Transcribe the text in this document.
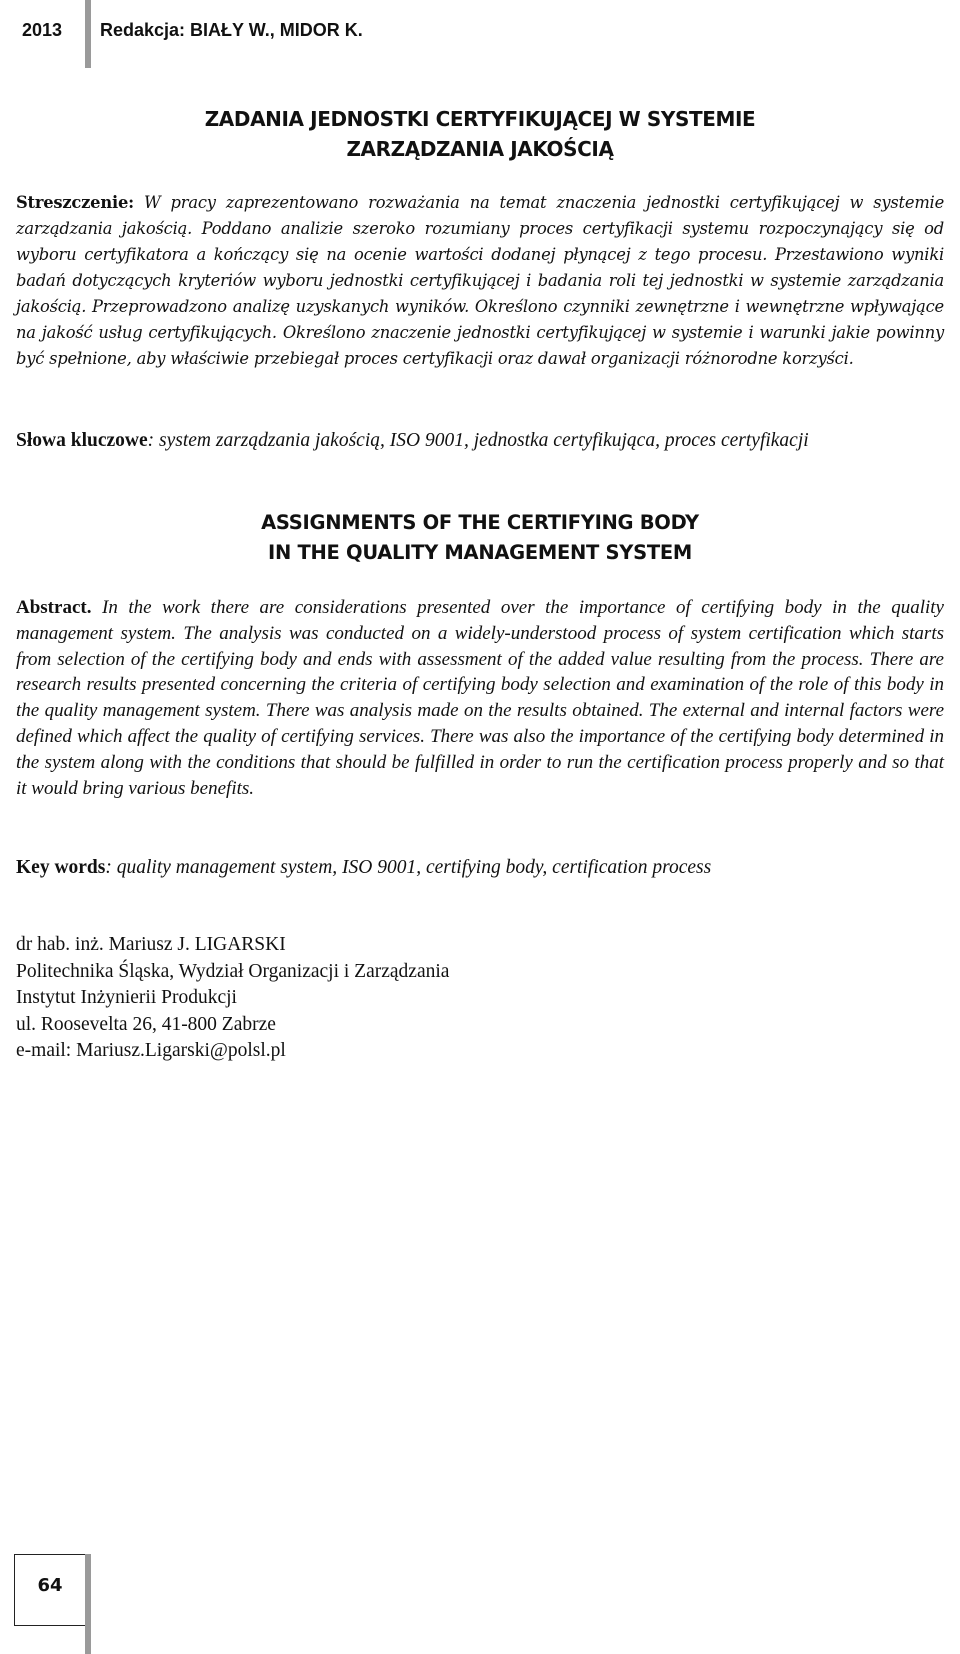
2013 Redakcja: BIAŁY W., MIDOR K.
ZADANIA JEDNOSTKI CERTYFIKUJĄCEJ W SYSTEMIE
ZARZĄDZANIA JAKOŚCIĄ
Streszczenie: W pracy zaprezentowano rozważania na temat znaczenia jednostki certyfikującej w systemie zarządzania jakością. Poddano analizie szeroko rozumiany proces certyfikacji systemu rozpoczynający się od wyboru certyfikatora a kończący się na ocenie wartości dodanej płynącej z tego procesu. Przestawiono wyniki badań dotyczących kryteriów wyboru jednostki certyfikującej i badania roli tej jednostki w systemie zarządzania jakością. Przeprowadzono analizę uzyskanych wyników. Określono czynniki zewnętrzne i wewnętrzne wpływające na jakość usług certyfikujących. Określono znaczenie jednostki certyfikującej w systemie i warunki jakie powinny być spełnione, aby właściwie przebiegał proces certyfikacji oraz dawał organizacji różnorodne korzyści.
Słowa kluczowe: system zarządzania jakością, ISO 9001, jednostka certyfikująca, proces certyfikacji
ASSIGNMENTS OF THE CERTIFYING BODY
IN THE QUALITY MANAGEMENT SYSTEM
Abstract. In the work there are considerations presented over the importance of certifying body in the quality management system. The analysis was conducted on a widely-understood process of system certification which starts from selection of the certifying body and ends with assessment of the added value resulting from the process. There are research results presented concerning the criteria of certifying body selection and examination of the role of this body in the quality management system. There was analysis made on the results obtained. The external and internal factors were defined which affect the quality of certifying services. There was also the importance of the certifying body determined in the system along with the conditions that should be fulfilled in order to run the certification process properly and so that it would bring various benefits.
Key words: quality management system, ISO 9001, certifying body, certification process
dr hab. inż. Mariusz J. LIGARSKI
Politechnika Śląska, Wydział Organizacji i Zarządzania
Instytut Inżynierii Produkcji
ul. Roosevelta 26, 41-800 Zabrze
e-mail: Mariusz.Ligarski@polsl.pl
64
